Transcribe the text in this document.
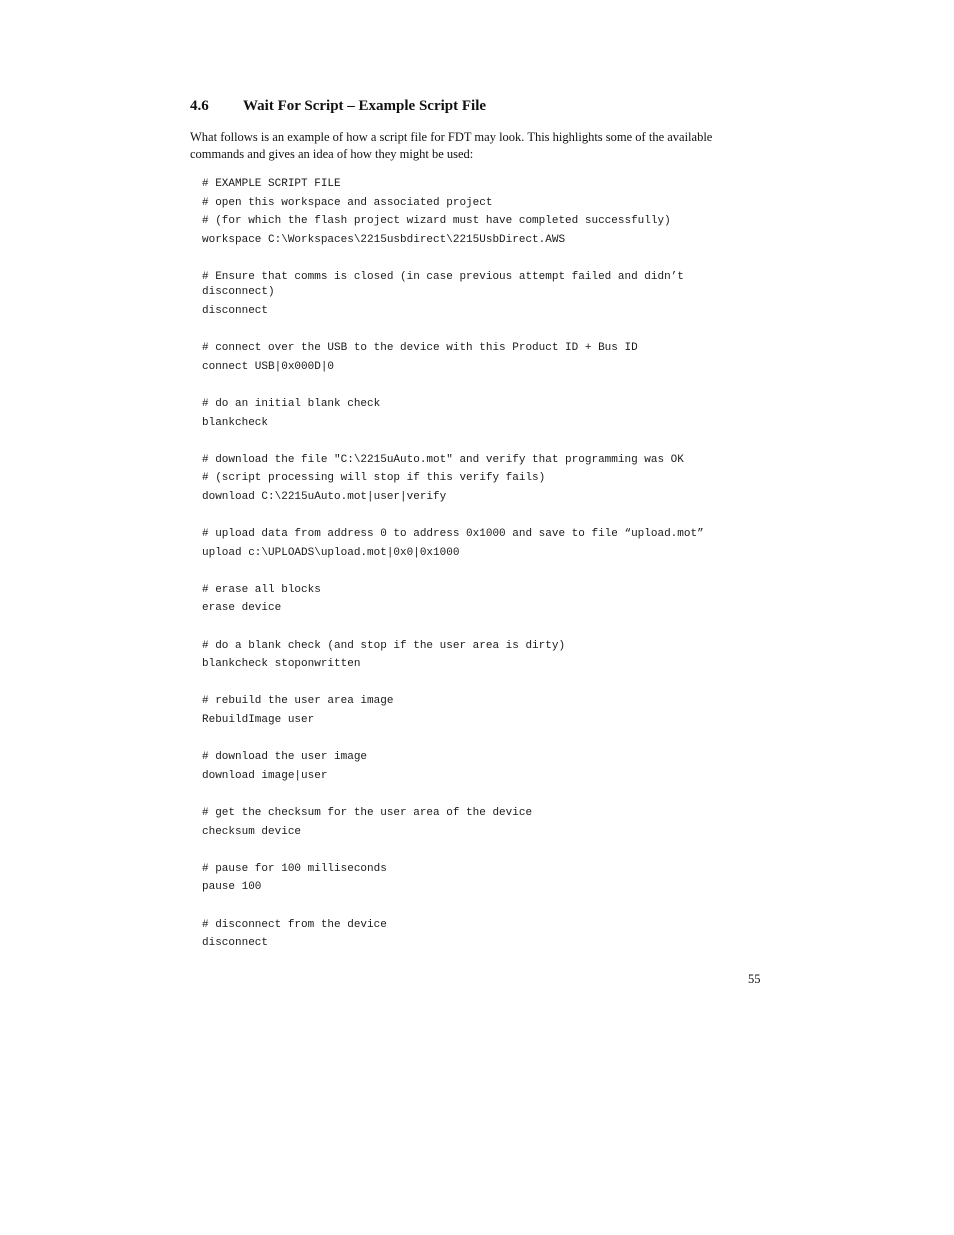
4.6 Wait For Script – Example Script File
What follows is an example of how a script file for FDT may look. This highlights some of the available commands and gives an idea of how they might be used:
# EXAMPLE SCRIPT FILE
# open this workspace and associated project
# (for which the flash project wizard must have completed successfully)
workspace C:\Workspaces\2215usbdirect\2215UsbDirect.AWS
# Ensure that comms is closed (in case previous attempt failed and didn’t
disconnect)
disconnect
# connect over the USB to the device with this Product ID + Bus ID
connect USB|0x000D|0
# do an initial blank check
blankcheck
# download the file "C:\2215uAuto.mot" and verify that programming was OK
# (script processing will stop if this verify fails)
download C:\2215uAuto.mot|user|verify
# upload data from address 0 to address 0x1000 and save to file “upload.mot”
upload c:\UPLOADS\upload.mot|0x0|0x1000
# erase all blocks
erase device
# do a blank check (and stop if the user area is dirty)
blankcheck stoponwritten
# rebuild the user area image
RebuildImage user
# download the user image
download image|user
# get the checksum for the user area of the device
checksum device
# pause for 100 milliseconds
pause 100
# disconnect from the device
disconnect
55
